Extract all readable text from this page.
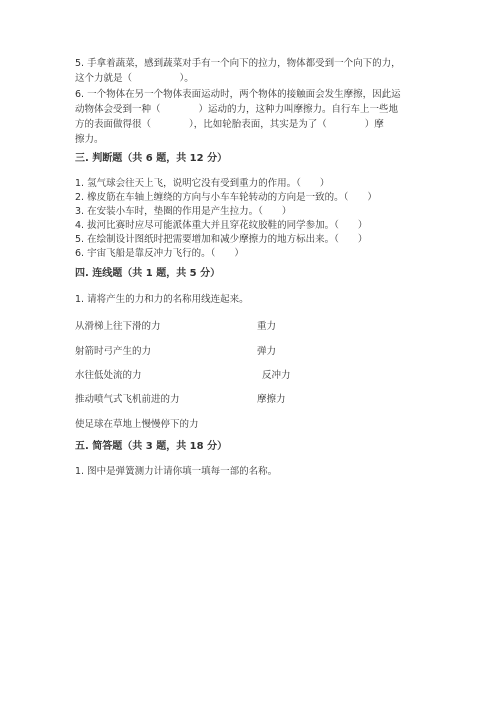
5. 手拿着蔬菜，感到蔬菜对手有一个向下的拉力，物体都受到一个向下的力，
这个力就是（　　　　　）。
6. 一个物体在另一个物体表面运动时，两个物体的接触面会发生摩擦，因此运
动物体会受到一种（　　　　）运动的力，这种力叫摩擦力。自行车上一些地
方的表面做得很（　　　　），比如轮胎表面，其实是为了（　　　　）摩
擦力。
三. 判断题（共 6 题，共 12 分）
1. 氢气球会往天上飞，说明它没有受到重力的作用。（　　）
2. 橡皮筋在车轴上缠绕的方向与小车车轮转动的方向是一致的。（　　）
3. 在安装小车时，垫圈的作用是产生拉力。（　　）
4. 拔河比赛时应尽可能派体重大并且穿花纹胶鞋的同学参加。（　　）
5. 在绘制设计图纸时把需要增加和减少摩擦力的地方标出来。（　　）
6. 宇宙飞船是靠反冲力飞行的。（　　）
四. 连线题（共 1 题，共 5 分）
1. 请将产生的力和力的名称用线连起来。
从滑梯上往下滑的力
射箭时弓产生的力
水往低处流的力
推动喷气式飞机前进的力
使足球在草地上慢慢停下的力
重力
弹力
反冲力
摩擦力
五. 简答题（共 3 题，共 18 分）
1. 图中是弹簧测力计请你填一填每一部的名称。
